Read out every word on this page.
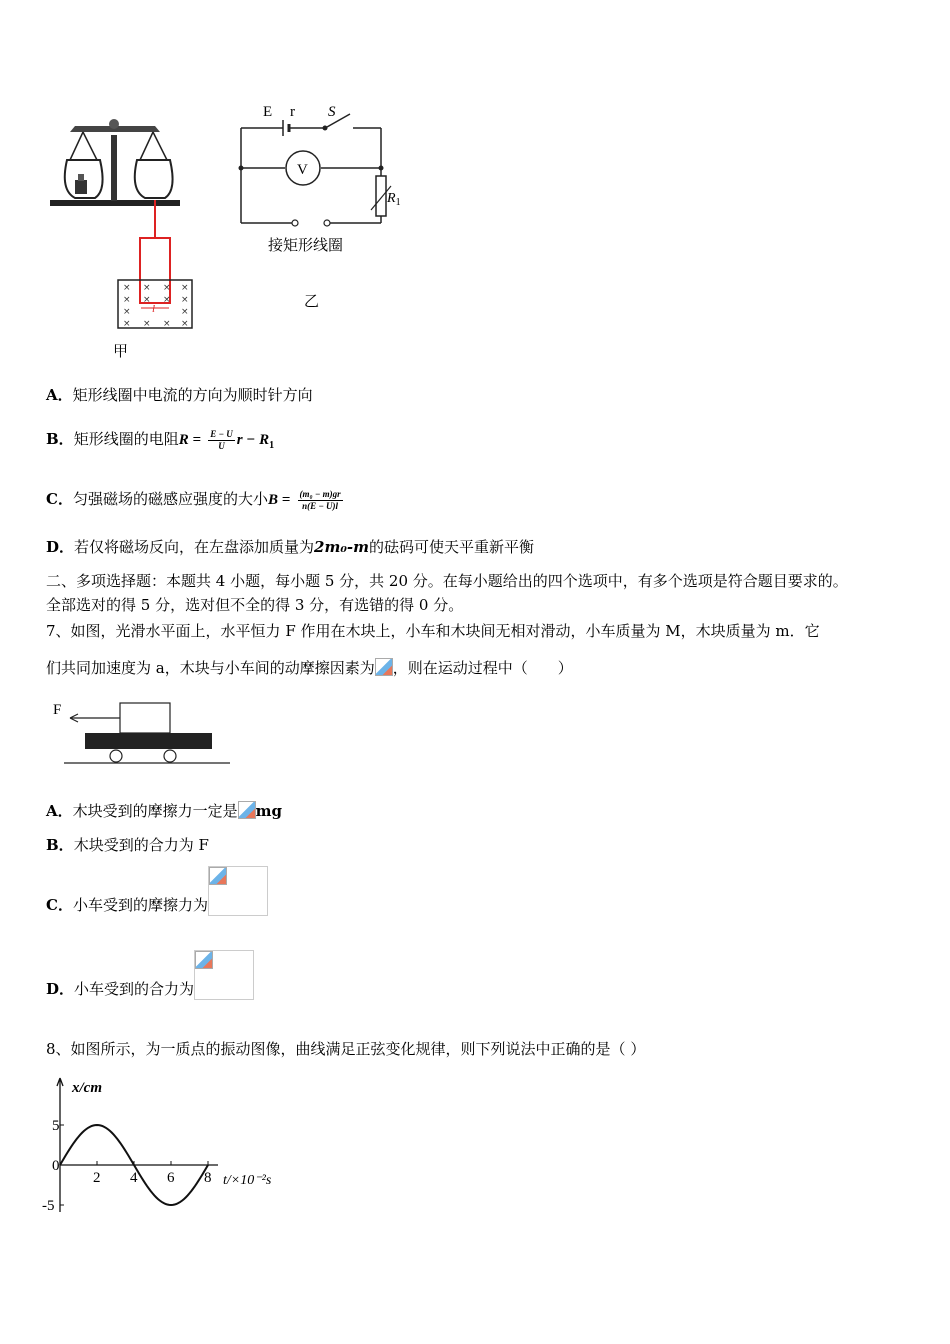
× × × ×
× × × ×
×	×
× × × ×
l
甲
E r S
V
$R_1$
接矩形线圈
乙
A．矩形线圈中电流的方向为顺时针方向
B．矩形线圈的电阻$R = \frac{E - U}{U}$ $r - R_1$
C．匀强磁场的磁感应强度的大小$B = \frac{\text{(m₀ − m)gr}}{n(E - U)l}$
D．若仅将磁场反向，在左盘添加质量为2m₀-m的砝码可使天平重新平衡
二、多项选择题：本题共 4 小题，每小题 5 分，共 20 分。在每小题给出的四个选项中，有多个选项是符合题目要求的。
全部选对的得 5 分，选对但不全的得 3 分，有选错的得 0 分。
7、如图，光滑水平面上，水平恒力 F 作用在木块上，小车和木块间无相对滑动，小车质量为 M，木块质量为 m．它
们共同加速度为 a，木块与小车间的动摩擦因素为 ，则在运动过程中（　　）
F
A．木块受到的摩擦力一定是 mg
B．木块受到的合力为 F
C．小车受到的摩擦力为
D．小车受到的合力为
8、如图所示，为一质点的振动图像，曲线满足正弦变化规律，则下列说法中正确的是（ ）
2 4 6 8
5
0
-5
x/cm
t/×10⁻²s
